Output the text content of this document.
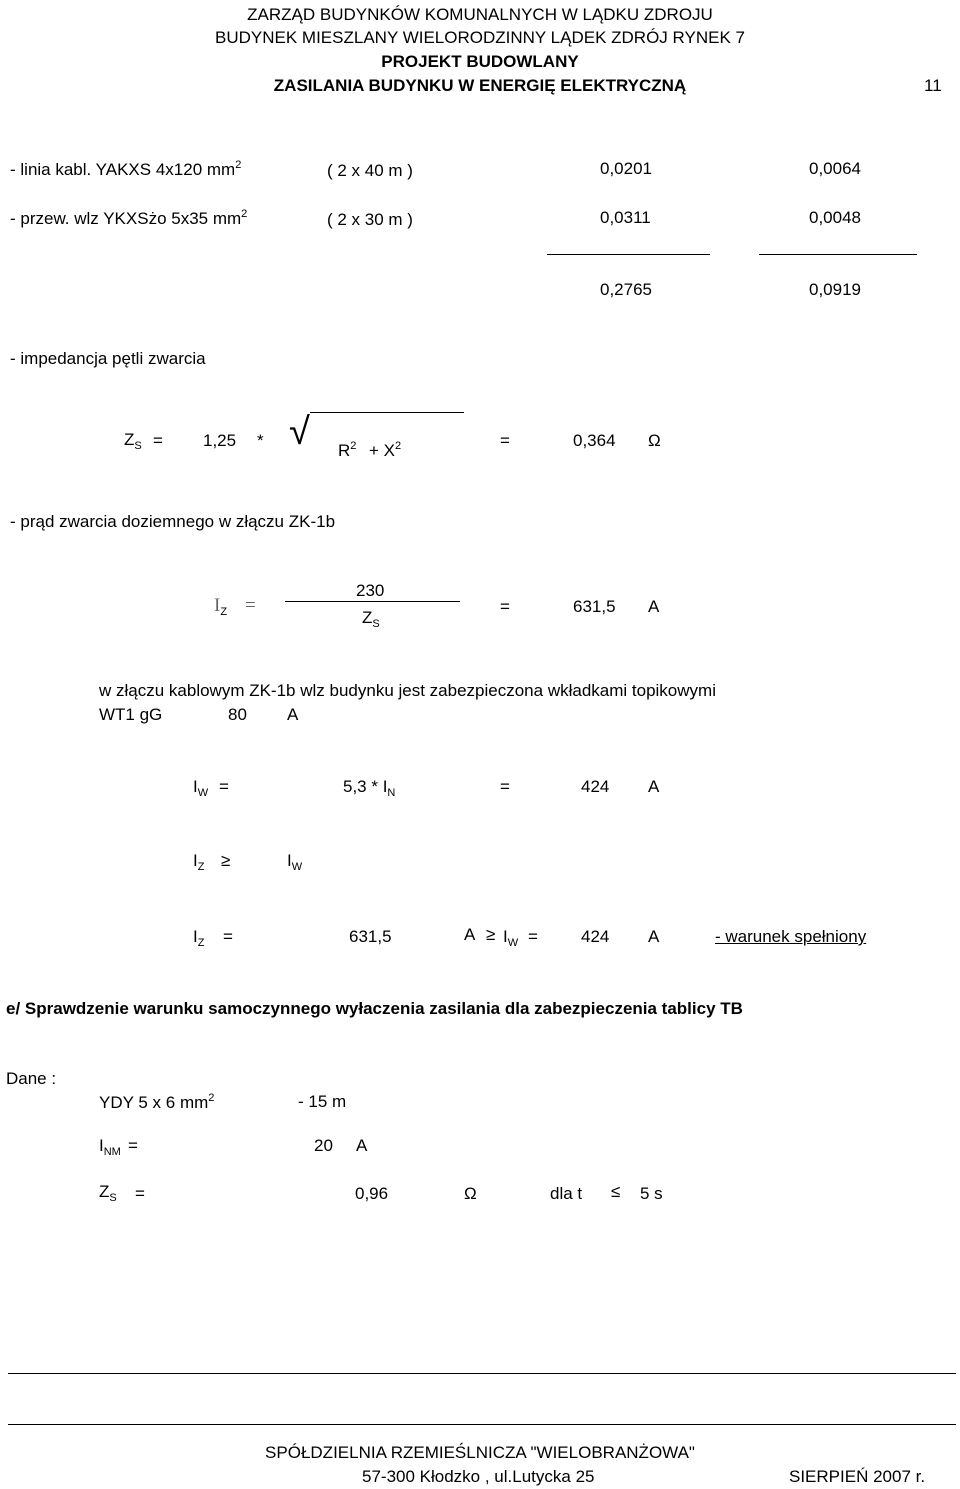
ZARZĄD BUDYNKÓW KOMUNALNYCH W LĄDKU ZDROJU
BUDYNEK MIESZLANY WIELORODZINNY LĄDEK ZDRÓJ RYNEK 7
PROJEKT BUDOWLANY
ZASILANIA BUDYNKU W ENERGIĘ ELEKTRYCZNĄ	11
- linia kabl. YAKXS 4x120 $mm^2$	( 2 x 40 m )	0,0201	0,0064
- przew. wlz YKXSżo 5x35 $mm^2$	( 2 x 30 m )	0,0311	0,0048
0,2765	0,0919
- impedancja pętli zwarcia
$Z_S = 1,25$ * √ $R^2 + X^2$	=	0,364 Ω
- prąd zwarcia doziemnego w złączu ZK-1b
$I_Z$ =
230
$Z_S$
=	631,5 A
w złączu kablowym ZK-1b wlz budynku jest zabezpieczona wkładkami topikowymi
WT1 gG	80 A
$I_W$ =	$5,3 * I_N$	=	424 A
$I_Z$ ≥	$I_W$
$I_Z$ =	631,5	$A \ge I_W$ =	424 A	- warunek spełniony
e/ Sprawdzenie warunku samoczynnego wyłaczenia zasilania dla zabezpieczenia tablicy TB
Dane :
YDY 5 x 6 $mm^2$	- 15 m
$I_{NM}$ =	20 A
$Z_S$ =	0,96	Ω	dla t ≤ 5 s
SPÓŁDZIELNIA RZEMIEŚLNICZA "WIELOBRANŻOWA"
57-300 Kłodzko , ul.Lutycka 25	SIERPIEŃ 2007 r.
